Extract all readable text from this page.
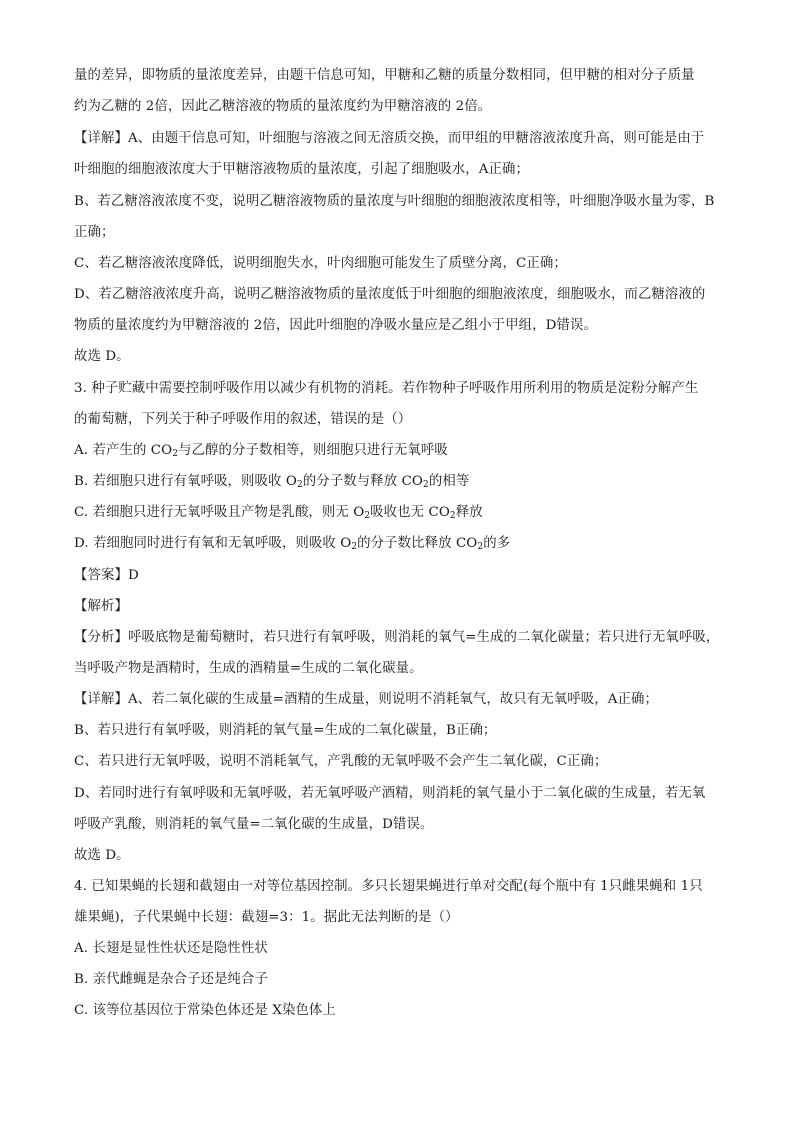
量的差异，即物质的量浓度差异，由题干信息可知，甲糖和乙糖的质量分数相同，但甲糖的相对分子质量
约为乙糖的 2倍，因此乙糖溶液的物质的量浓度约为甲糖溶液的 2倍。
【详解】A、由题干信息可知，叶细胞与溶液之间无溶质交换，而甲组的甲糖溶液浓度升高，则可能是由于
叶细胞的细胞液浓度大于甲糖溶液物质的量浓度，引起了细胞吸水，A正确；
B、若乙糖溶液浓度不变，说明乙糖溶液物质的量浓度与叶细胞的细胞液浓度相等，叶细胞净吸水量为零，B
正确；
C、若乙糖溶液浓度降低，说明细胞失水，叶肉细胞可能发生了质壁分离，C正确；
D、若乙糖溶液浓度升高，说明乙糖溶液物质的量浓度低于叶细胞的细胞液浓度，细胞吸水，而乙糖溶液的
物质的量浓度约为甲糖溶液的 2倍，因此叶细胞的净吸水量应是乙组小于甲组，D错误。
故选 D。
3. 种子贮藏中需要控制呼吸作用以减少有机物的消耗。若作物种子呼吸作用所利用的物质是淀粉分解产生
的葡萄糖，下列关于种子呼吸作用的叙述，错误的是（）
A. 若产生的 $CO_2$与乙醇的分子数相等，则细胞只进行无氧呼吸
B. 若细胞只进行有氧呼吸，则吸收 $O_2$的分子数与释放 $CO_2$的相等
C. 若细胞只进行无氧呼吸且产物是乳酸，则无 $O_2$吸收也无 $CO_2$释放
D. 若细胞同时进行有氧和无氧呼吸，则吸收 $O_2$的分子数比释放 $CO_2$的多
【答案】D
【解析】
【分析】呼吸底物是葡萄糖时，若只进行有氧呼吸，则消耗的氧气=生成的二氧化碳量；若只进行无氧呼吸，
当呼吸产物是酒精时，生成的酒精量=生成的二氧化碳量。
【详解】A、若二氧化碳的生成量=酒精的生成量，则说明不消耗氧气，故只有无氧呼吸，A正确；
B、若只进行有氧呼吸，则消耗的氧气量=生成的二氧化碳量，B正确；
C、若只进行无氧呼吸，说明不消耗氧气，产乳酸的无氧呼吸不会产生二氧化碳，C正确；
D、若同时进行有氧呼吸和无氧呼吸，若无氧呼吸产酒精，则消耗的氧气量小于二氧化碳的生成量，若无氧
呼吸产乳酸，则消耗的氧气量=二氧化碳的生成量，D错误。
故选 D。
4. 已知果蝇的长翅和截翅由一对等位基因控制。多只长翅果蝇进行单对交配(每个瓶中有 1只雌果蝇和 1只
雄果蝇)，子代果蝇中长翅：截翅=3：1。据此无法判断的是（）
A. 长翅是显性性状还是隐性性状
B. 亲代雌蝇是杂合子还是纯合子
C. 该等位基因位于常染色体还是 X染色体上
